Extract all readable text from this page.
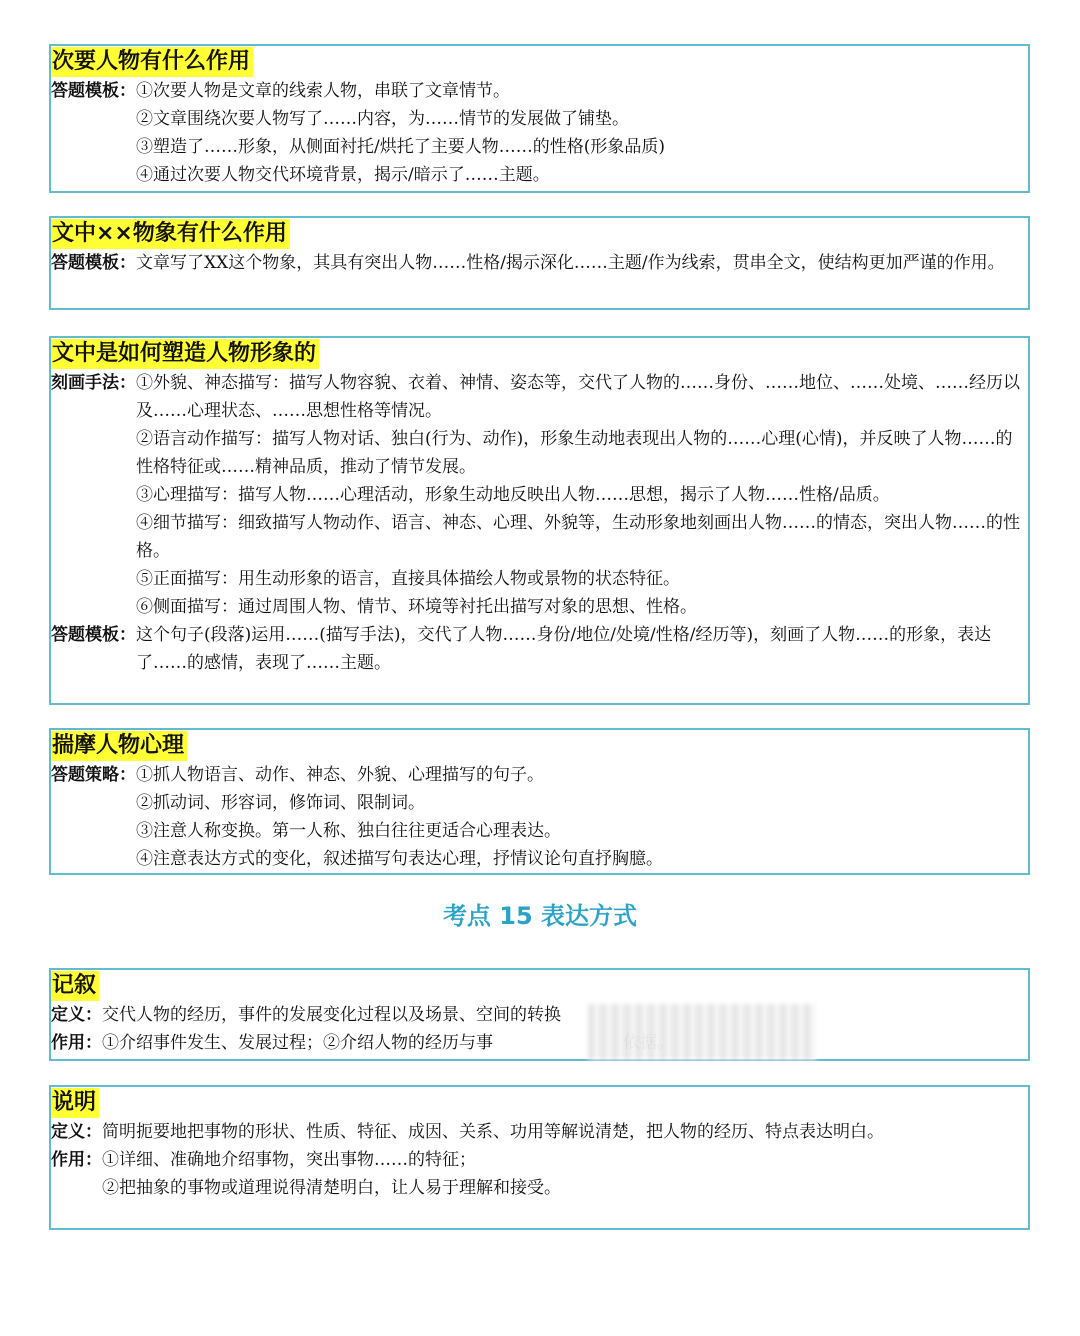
次要人物有什么作用
答题模板： ①次要人物是文章的线索人物，串联了文章情节。

②文章围绕次要人物写了……内容，为……情节的发展做了铺垫。

③塑造了……形象，从侧面衬托/烘托了主要人物……的性格(形象品质)

④通过次要人物交代环境背景，揭示/暗示了……主题。

文中××物象有什么作用
答题模板：文章写了XX这个物象，其具有突出人物……性格/揭示深化……主题/作为线索，贯串全文，使结构更加严谨的作用。
文中是如何塑造人物形象的
刻画手法： ①外貌、神态描写：描写人物容貌、衣着、神情、姿态等，交代了人物的……身份、……地位、……处境、……经历以及……心理状态、……思想性格等情况。

②语言动作描写：描写人物对话、独白(行为、动作)，形象生动地表现出人物的……心理(心情)，并反映了人物……的性格特征或……精神品质，推动了情节发展。

③心理描写：描写人物……心理活动，形象生动地反映出人物……思想，揭示了人物……性格/品质。

④细节描写：细致描写人物动作、语言、神态、心理、外貌等，生动形象地刻画出人物……的情态，突出人物……的性格。

⑤正面描写：用生动形象的语言，直接具体描绘人物或景物的状态特征。

⑥侧面描写：通过周围人物、情节、环境等衬托出描写对象的思想、性格。

答题模板： 这个句子(段落)运用……(描写手法)，交代了人物……身份/地位/处境/性格/经历等)，刻画了人物……的形象，表达了……的感情，表现了……主题。
揣摩人物心理
答题策略： ①抓人物语言、动作、神态、外貌、心理描写的句子。

②抓动词、形容词，修饰词、限制词。

③注意人称变换。第一人称、独白往往更适合心理表达。

④注意表达方式的变化，叙述描写句表达心理，抒情议论句直抒胸臆。

考点 15 表达方式
记叙
定义： 交代人物的经历，事件的发展变化过程以及场景、空间的转换
作用： ①介绍事件发生、发展过程；②介绍人物的经历与事
说明
定义： 简明扼要地把事物的形状、性质、特征、成因、关系、功用等解说清楚，把人物的经历、特点表达明白。
作用： ①详细、准确地介绍事物，突出事物……的特征；

②把抽象的事物或道理说得清楚明白，让人易于理解和接受。
